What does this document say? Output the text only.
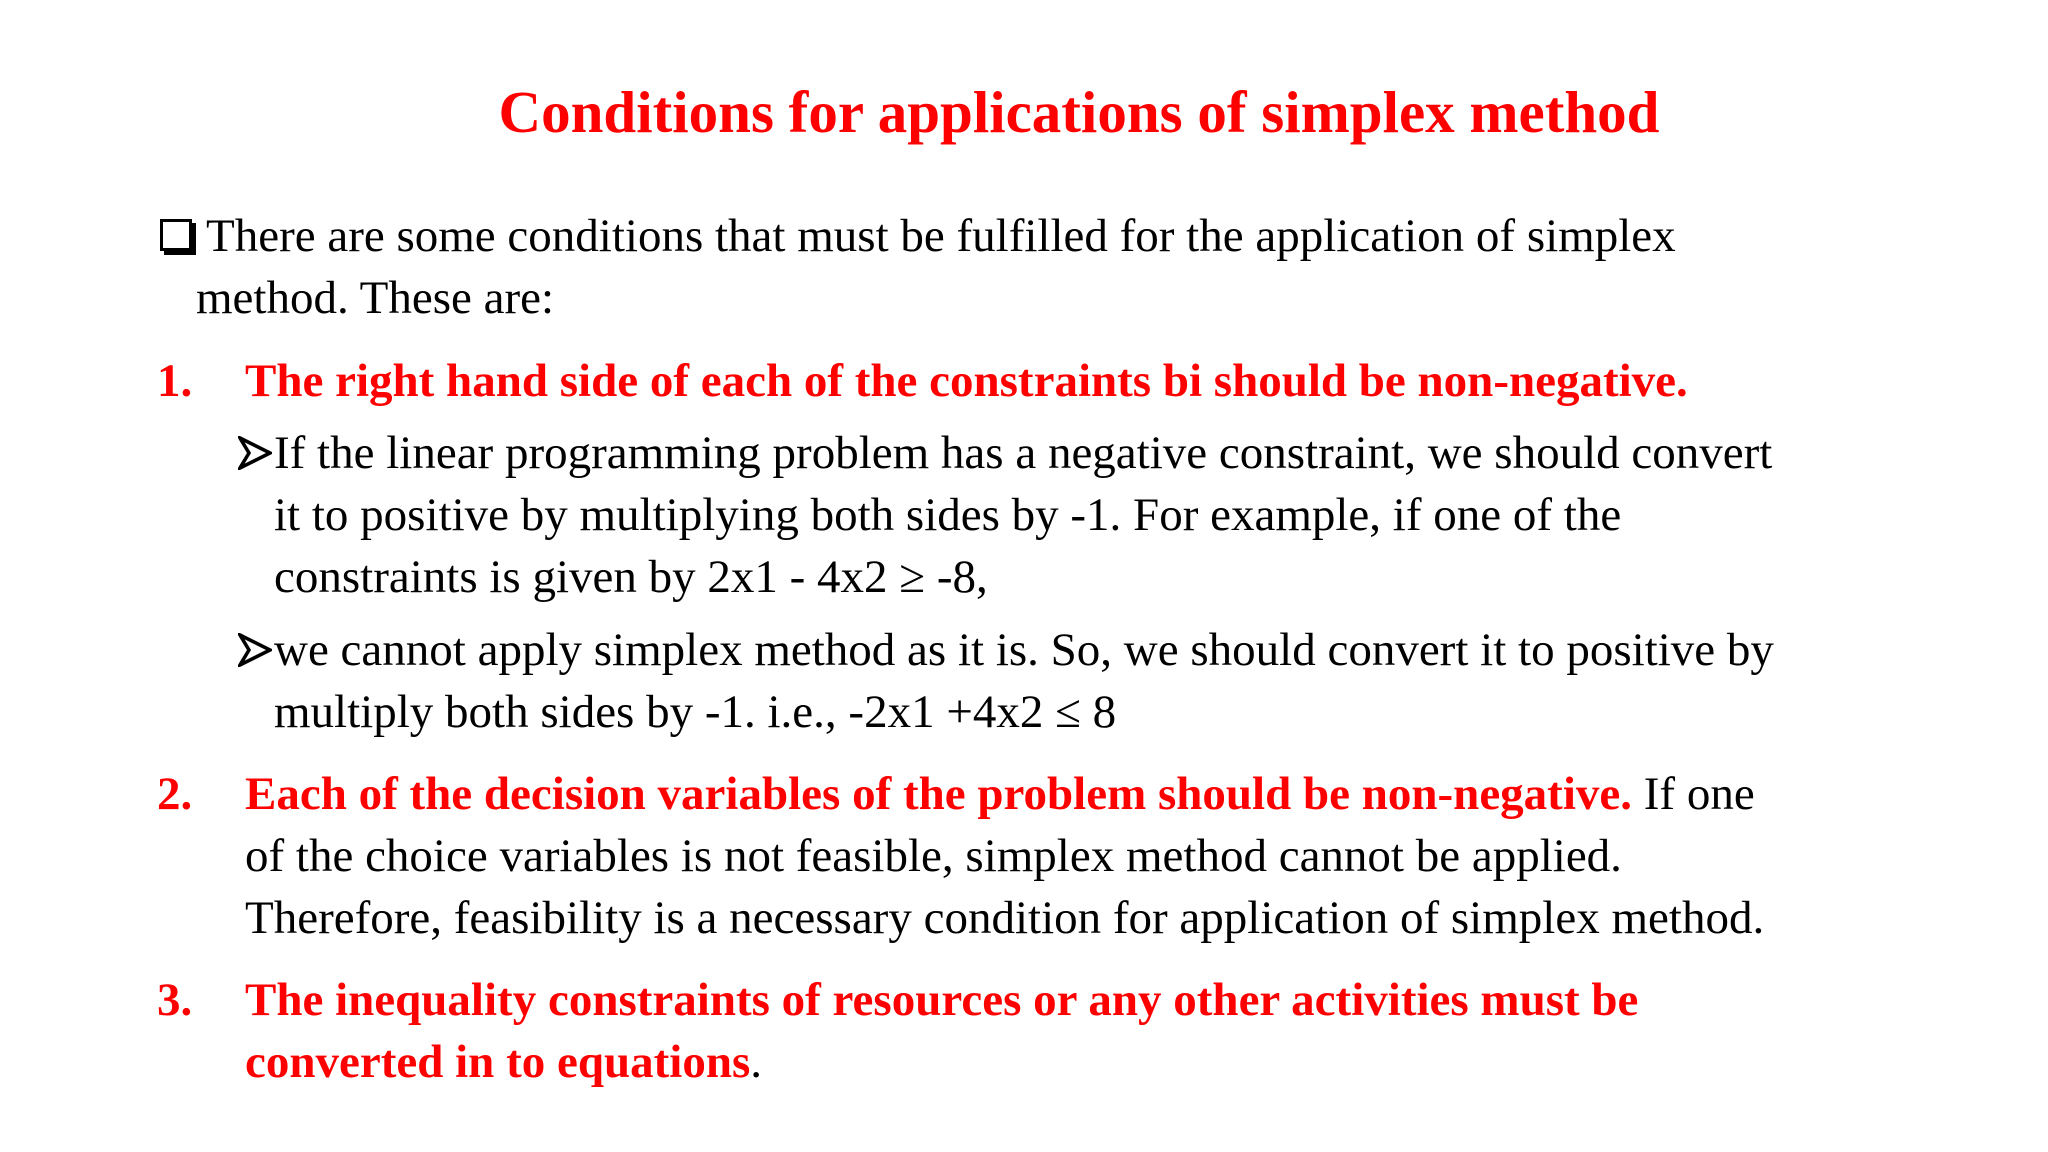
Conditions for applications of simplex method
There are some conditions that must be fulfilled for the application of simplex
method. These are:
1. The right hand side of each of the constraints bi should be non-negative.
If the linear programming problem has a negative constraint, we should convert
it to positive by multiplying both sides by -1. For example, if one of the
constraints is given by 2x1 - 4x2 ≥ -8,
we cannot apply simplex method as it is. So, we should convert it to positive by
multiply both sides by -1. i.e., -2x1 +4x2 ≤ 8
2. Each of the decision variables of the problem should be non-negative. If one
of the choice variables is not feasible, simplex method cannot be applied.
Therefore, feasibility is a necessary condition for application of simplex method.
3. The inequality constraints of resources or any other activities must be
converted in to equations.
